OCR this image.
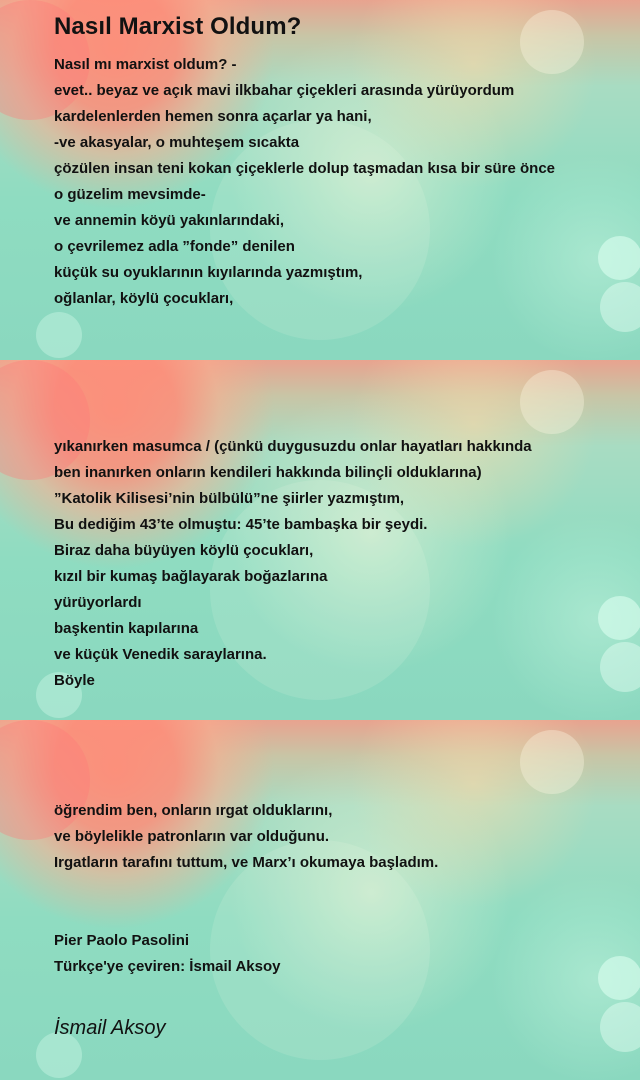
Nasıl Marxist Oldum?
Nasıl mı marxist oldum? -
evet.. beyaz ve açık mavi ilkbahar çiçekleri arasında yürüyordum
kardelenlerden hemen sonra açarlar ya hani,
-ve akasyalar, o muhteşem sıcakta
çözülen insan teni kokan çiçeklerle dolup taşmadan kısa bir süre önce
o güzelim mevsimde-
ve annemin köyü yakınlarındaki,
o çevrilemez adla ”fonde” denilen
küçük su oyuklarının kıyılarında yazmıştım,
oğlanlar, köylü çocukları,
yıkanırken masumca / (çünkü duygusuzdu onlar hayatları hakkında
ben inanırken onların kendileri hakkında bilinçli olduklarına)
”Katolik Kilisesi’nin bülbülü”ne şiirler yazmıştım,
Bu dediğim 43’te olmuştu: 45’te bambaşka bir şeydi.
Biraz daha büyüyen köylü çocukları,
kızıl bir kumaş bağlayarak boğazlarına
yürüyorlardı
başkentin kapılarına
ve küçük Venedik saraylarına.
Böyle
öğrendim ben, onların ırgat olduklarını,
ve böylelikle patronların var olduğunu.
Irgatların tarafını tuttum, ve Marx’ı okumaya başladım.
Pier Paolo Pasolini
Türkçe'ye çeviren: İsmail Aksoy
İsmail Aksoy
